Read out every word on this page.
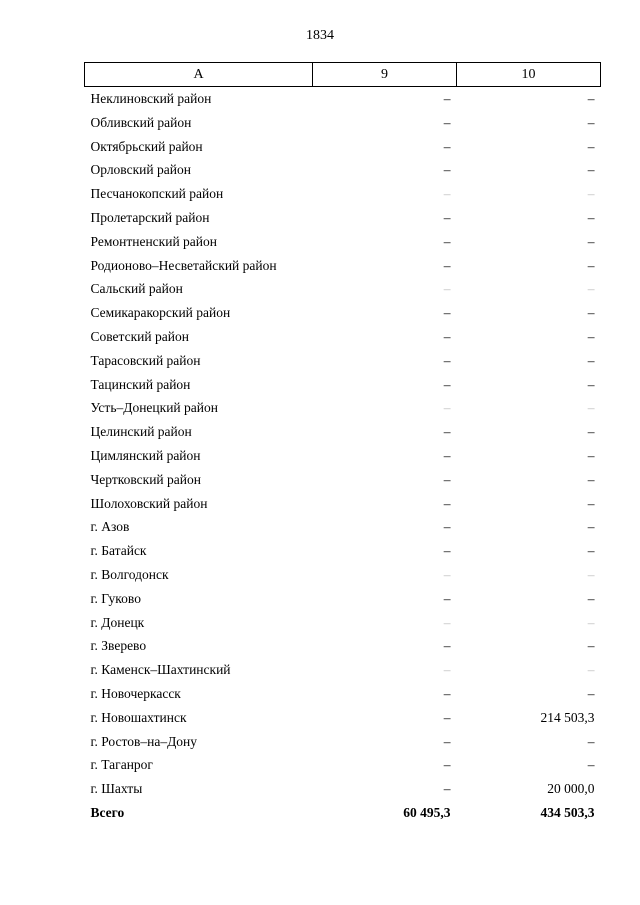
1834
А	9	10
Неклиновский район	–	–
Обливский район	–	–
Октябрьский район	–	–
Орловский район	–	–
Песчанокопский район	–	–
Пролетарский район	–	–
Ремонтненский район	–	–
Родионово–Несветайский район	–	–
Сальский район	–	–
Семикаракорский район	–	–
Советский район	–	–
Тарасовский район	–	–
Тацинский район	–	–
Усть–Донецкий район	–	–
Целинский район	–	–
Цимлянский район	–	–
Чертковский район	–	–
Шолоховский район	–	–
г. Азов	–	–
г. Батайск	–	–
г. Волгодонск	–	–
г. Гуково	–	–
г. Донецк	–	–
г. Зверево	–	–
г. Каменск–Шахтинский	–	–
г. Новочеркасск	–	–
г. Новошахтинск	–	214 503,3
г. Ростов–на–Дону	–	–
г. Таганрог	–	–
г. Шахты	–	20 000,0
Всего	60 495,3	434 503,3
